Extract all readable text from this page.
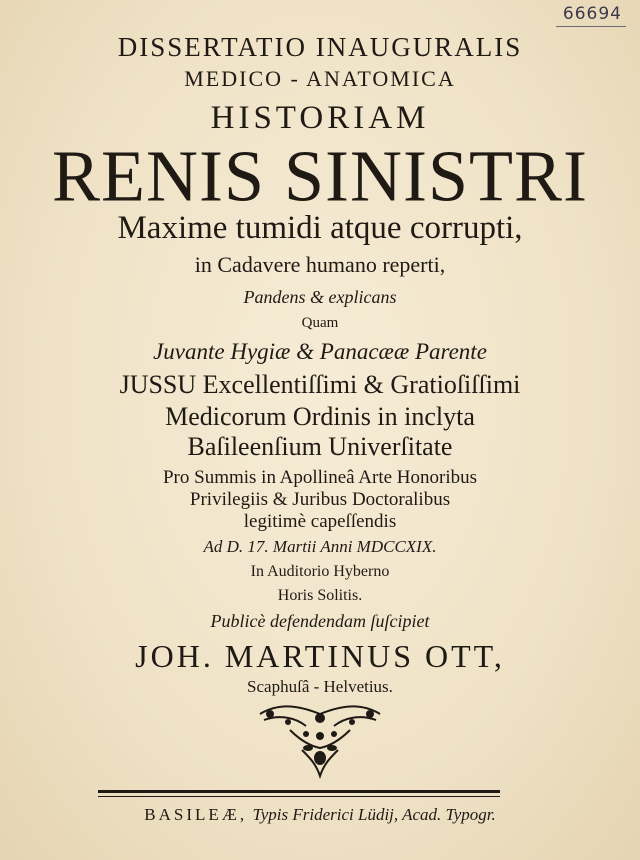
66694
DISSERTATIO INAUGURALIS
MEDICO - ANATOMICA
HISTORIAM
RENIS SINISTRI
Maxime tumidi atque corrupti,
in Cadavere humano reperti,
Pandens & explicans
Quam
Juvante Hygiæ & Panacææ Parente
JUSSU Excellentiſſimi & Gratioſiſſimi
Medicorum Ordinis in inclyta
Baſileenſium Univerſitate
Pro Summis in Apollineâ Arte Honoribus
Privilegiis & Juribus Doctoralibus
legitimè capeſſendis
Ad D. 17. Martii Anni MDCCXIX.
In Auditorio Hyberno
Horis Solitis.
Publicè defendendam ſuſcipiet
JOH. MARTINUS OTT,
Scaphuſâ - Helvetius.
BASILEÆ, Typis Friderici Lüdij, Acad. Typogr.
